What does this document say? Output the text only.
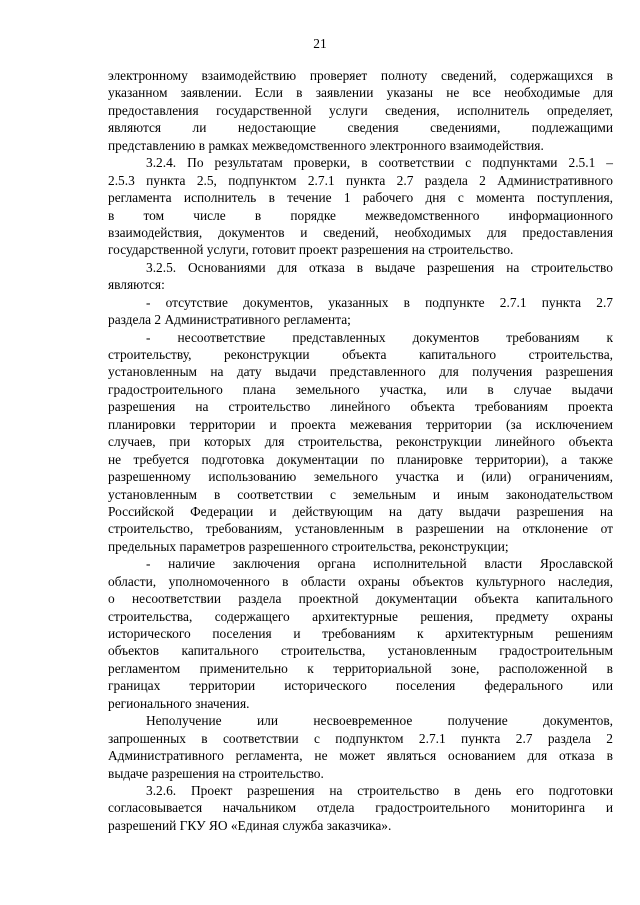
21
электронному взаимодействию проверяет полноту сведений, содержащихся в
указанном заявлении. Если в заявлении указаны не все необходимые для
предоставления государственной услуги сведения, исполнитель определяет,
являются ли недостающие сведения сведениями, подлежащими
представлению в рамках межведомственного электронного взаимодействия.
3.2.4. По результатам проверки, в соответствии с подпунктами 2.5.1 –
2.5.3 пункта 2.5, подпунктом 2.7.1 пункта 2.7 раздела 2 Административного
регламента исполнитель в течение 1 рабочего дня с момента поступления,
в том числе в порядке межведомственного информационного
взаимодействия, документов и сведений, необходимых для предоставления
государственной услуги, готовит проект разрешения на строительство.
3.2.5. Основаниями для отказа в выдаче разрешения на строительство
являются:
- отсутствие документов, указанных в подпункте 2.7.1 пункта 2.7
раздела 2 Административного регламента;
- несоответствие представленных документов требованиям к
строительству, реконструкции объекта капитального строительства,
установленным на дату выдачи представленного для получения разрешения
градостроительного плана земельного участка, или в случае выдачи
разрешения на строительство линейного объекта требованиям проекта
планировки территории и проекта межевания территории (за исключением
случаев, при которых для строительства, реконструкции линейного объекта
не требуется подготовка документации по планировке территории), а также
разрешенному использованию земельного участка и (или) ограничениям,
установленным в соответствии с земельным и иным законодательством
Российской Федерации и действующим на дату выдачи разрешения на
строительство, требованиям, установленным в разрешении на отклонение от
предельных параметров разрешенного строительства, реконструкции;
- наличие заключения органа исполнительной власти Ярославской
области, уполномоченного в области охраны объектов культурного наследия,
о несоответствии раздела проектной документации объекта капитального
строительства, содержащего архитектурные решения, предмету охраны
исторического поселения и требованиям к архитектурным решениям
объектов капитального строительства, установленным градостроительным
регламентом применительно к территориальной зоне, расположенной в
границах территории исторического поселения федерального или
регионального значения.
Неполучение или несвоевременное получение документов,
запрошенных в соответствии с подпунктом 2.7.1 пункта 2.7 раздела 2
Административного регламента, не может являться основанием для отказа в
выдаче разрешения на строительство.
3.2.6. Проект разрешения на строительство в день его подготовки
согласовывается начальником отдела градостроительного мониторинга и
разрешений ГКУ ЯО «Единая служба заказчика».
